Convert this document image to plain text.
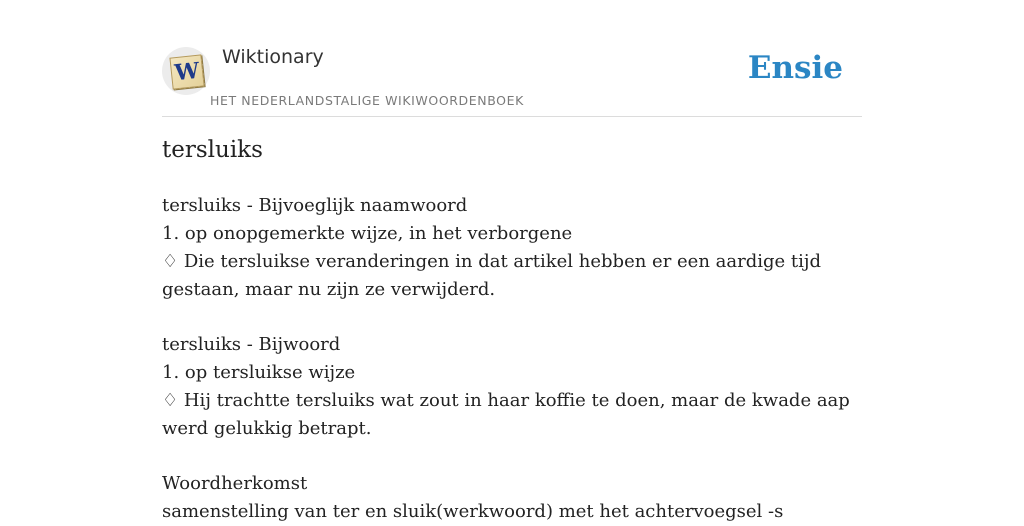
W
Wiktionary
HET NEDERLANDSTALIGE WIKIWOORDENBOEK
Ensie
tersluiks
tersluiks - Bijvoeglijk naamwoord
1. op onopgemerkte wijze, in het verborgene
♢ Die tersluikse veranderingen in dat artikel hebben er een aardige tijd gestaan, maar nu zijn ze verwijderd.
tersluiks - Bijwoord
1. op tersluikse wijze
♢ Hij trachtte tersluiks wat zout in haar koffie te doen, maar de kwade aap werd gelukkig betrapt.
Woordherkomst
samenstelling van ter en sluik(werkwoord) met het achtervoegsel -s
